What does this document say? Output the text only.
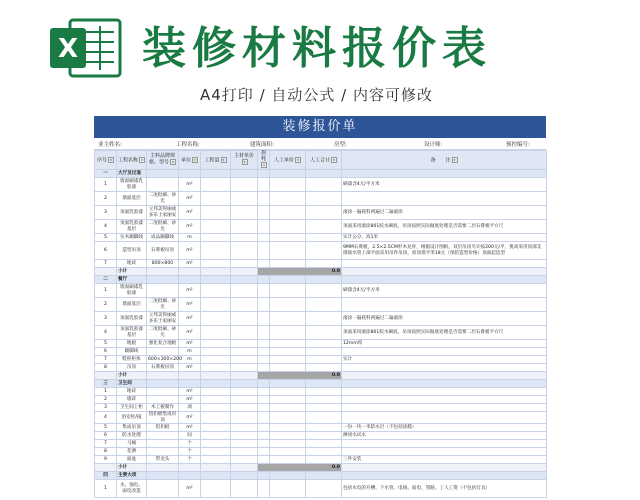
X 装修材料报价表
A4打印 / 自动公式 / 内容可修改
装修报价单
业主姓名:	工程名称:	建筑面积:	房型:	设计师:	预控编号:
序号 ▾	工程名称 ▾	主料品牌规格、型号 ▾	单位 ▾	工程量 ▾	主材单价▾	损耗▾	人工单价 ▾	人工合计 ▾	备　　注 ▾
一	大厅及过道								
1	墙面刷漆乳胶漆		m²						刷漆含4元/平方米
2	墙面基层	二度批刷、砂光	m²						
3	顶面乳胶漆	立邦美得丽或多乐士家丽安	m²						滚涂一遍耗料两遍过二遍滚涂
4	顶面乳胶漆基层	二度批刷、砂光	m²						顶面采用滚涂801胶水刷底，吊顶按照实际做底处理是否需要二层石膏板平方尺
5	实木踢脚线	成品踢脚线	m						实计公分，高1米
6	造型吊顶	石膏板吊顶	m²						9MM石膏板，2.5×2.5CM杉木龙骨，根据设计图纸，双层吊顶另计按200元/平，挑高采用顶部支撑接水管上部平面采用吊件吊顶，原顶墙平米18元（预防造型价格）顶面起造型
7	地砖	800×800	m²						
	小计					0.0			
二	餐厅								
1	墙面刷漆乳胶漆		m²						刷漆含4元/平方米
2	墙面基层	二度批刷、砂光	m²						
3	顶面乳胶漆	立邦美得丽或多乐士家丽安	m²						滚涂一遍耗料两遍过二遍滚涂
4	顶面乳胶漆基层	二度批刷、砂光	m²						顶面采用滚涂801胶水刷底，吊顶按照实际做底处理是否需要二层石膏板平方尺
5	地板	强化复合地板	m²						12mm厚
6	踢脚线		m						
7	鞋柜柜体	600×300×200	m						实计
8	吊顶	石膏板吊顶	m²						
	小计					0.0			
三	卫生间								
1	地砖		m²						
2	墙砖		m²						
3	卫生间上柜	木工板制作	项						
4	浴室柜/镜	铝扣板集成吊顶	m²						
5	集成吊顶	铝扣板	m²						一份一块一米防水层（不包括涂膜）
6	防水处理		间						淋闭水试水
7	马桶		个						
8	花洒		个						
9	面盆	带龙头	个						三件安装
	小计					0.0			
四	主要大项								
1	水、强电、弱电改造		m²						包括水电的开槽、下水管、电线、弱电、管路、工人工资（不包括灯具）
